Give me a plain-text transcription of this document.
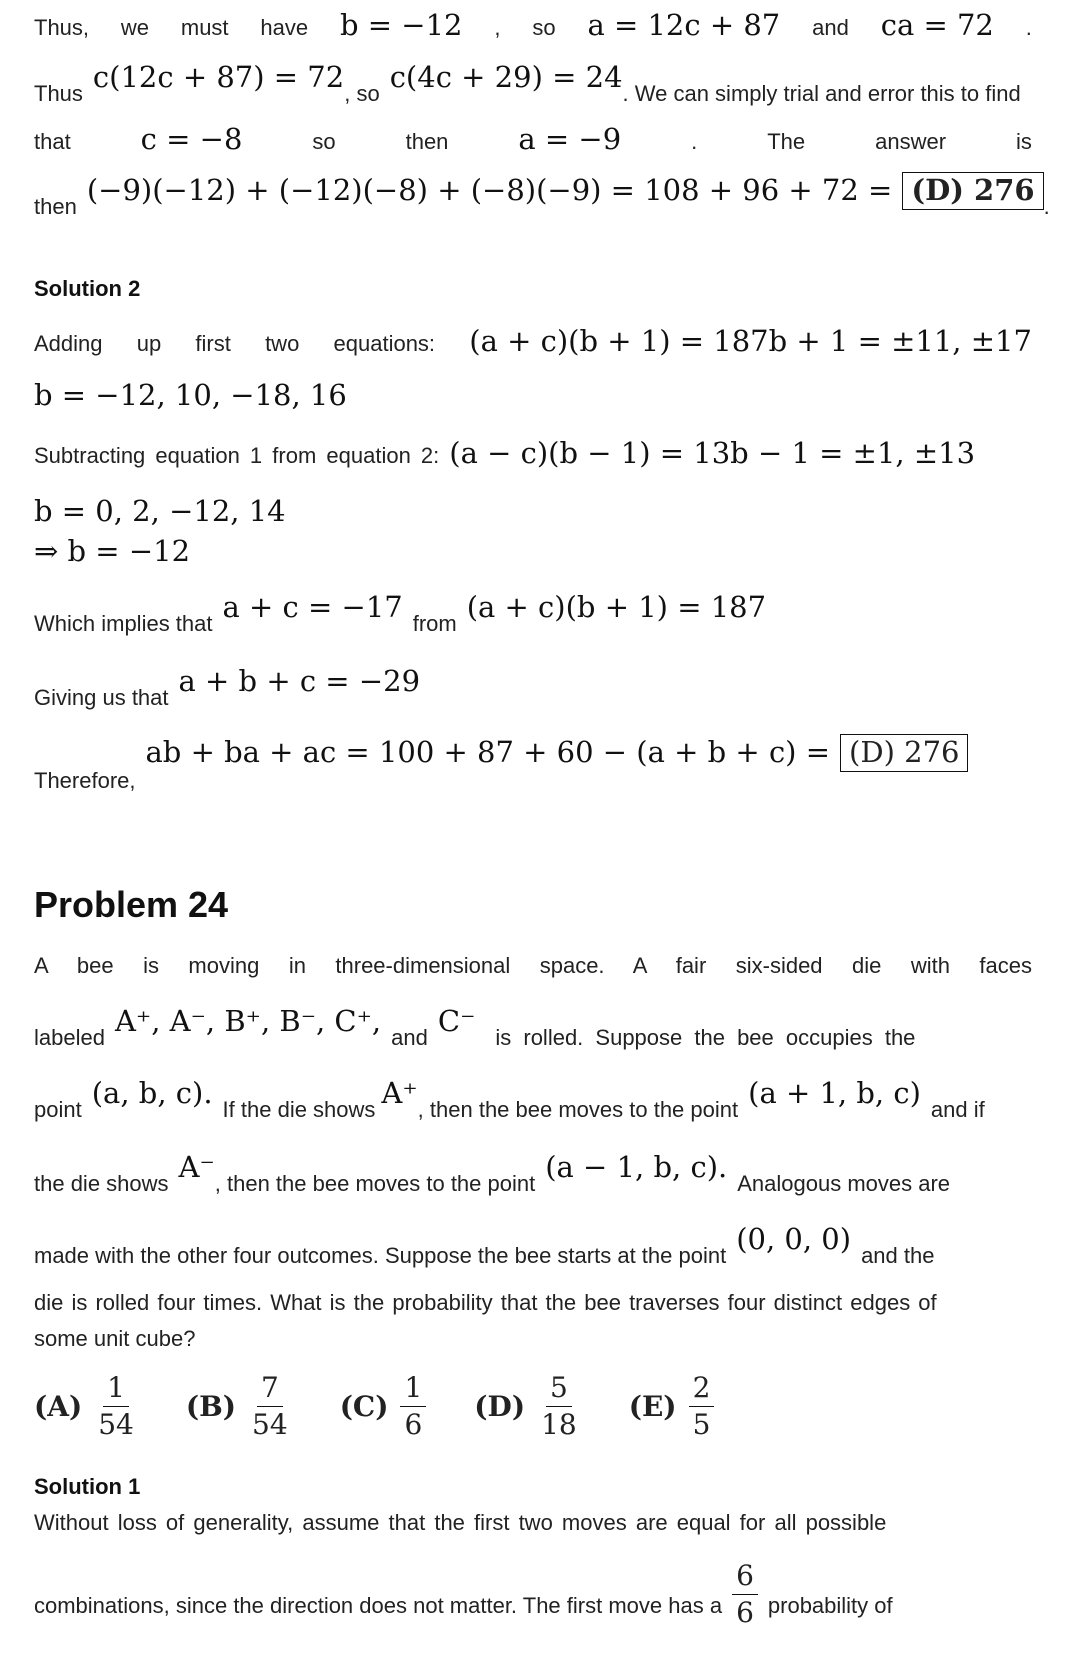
Thus, we must have b = −12 , so a = 12c + 87 and ca = 72 .
Thus c(12c + 87) = 72 , so c(4c + 29) = 24 . We can simply trial and error this to find
that c = −8	so	then a = −9	.	The	answer	is
then (−9)(−12) + (−12)(−8) + (−8)(−9) = 108 + 96 + 72 = (D) 276 .
Solution 2
Adding up first two equations: (a + c)(b + 1) = 187b + 1 = ±11, ±17
b = −12, 10, −18, 16
Subtracting equation 1 from equation 2: (a − c)(b − 1) = 13b − 1 = ±1, ±13
b = 0, 2, −12, 14
⇒ b = −12
Which implies that a + c = −17 from (a + c)(b + 1) = 187
Giving us that a + b + c = −29
Therefore,
ab + ba + ac = 100 + 87 + 60 − (a + b + c) = (D) 276
Problem 24
A bee is moving in three-dimensional space. A fair six-sided die with faces
labeled A⁺, A⁻, B⁺, B⁻, C⁺, and C⁻ is rolled. Suppose the bee occupies the
point (a, b, c). If the die shows A⁺ , then the bee moves to the point (a + 1, b, c) and if
the die shows A⁻ , then the bee moves to the point (a − 1, b, c). Analogous moves are
made with the other four outcomes. Suppose the bee starts at the point (0, 0, 0) and the
die is rolled four times. What is the probability that the bee traverses four distinct edges of
some unit cube?
$(A) \frac{1}{54} (B) \frac{7}{54} (C) \frac{1}{6} (D) \frac{5}{18} (E) \frac{2}{5}$
Solution 1
Without loss of generality, assume that the first two moves are equal for all possible
combinations, since the direction does not matter. The first move has a $\frac{6}{6}$ probability of
